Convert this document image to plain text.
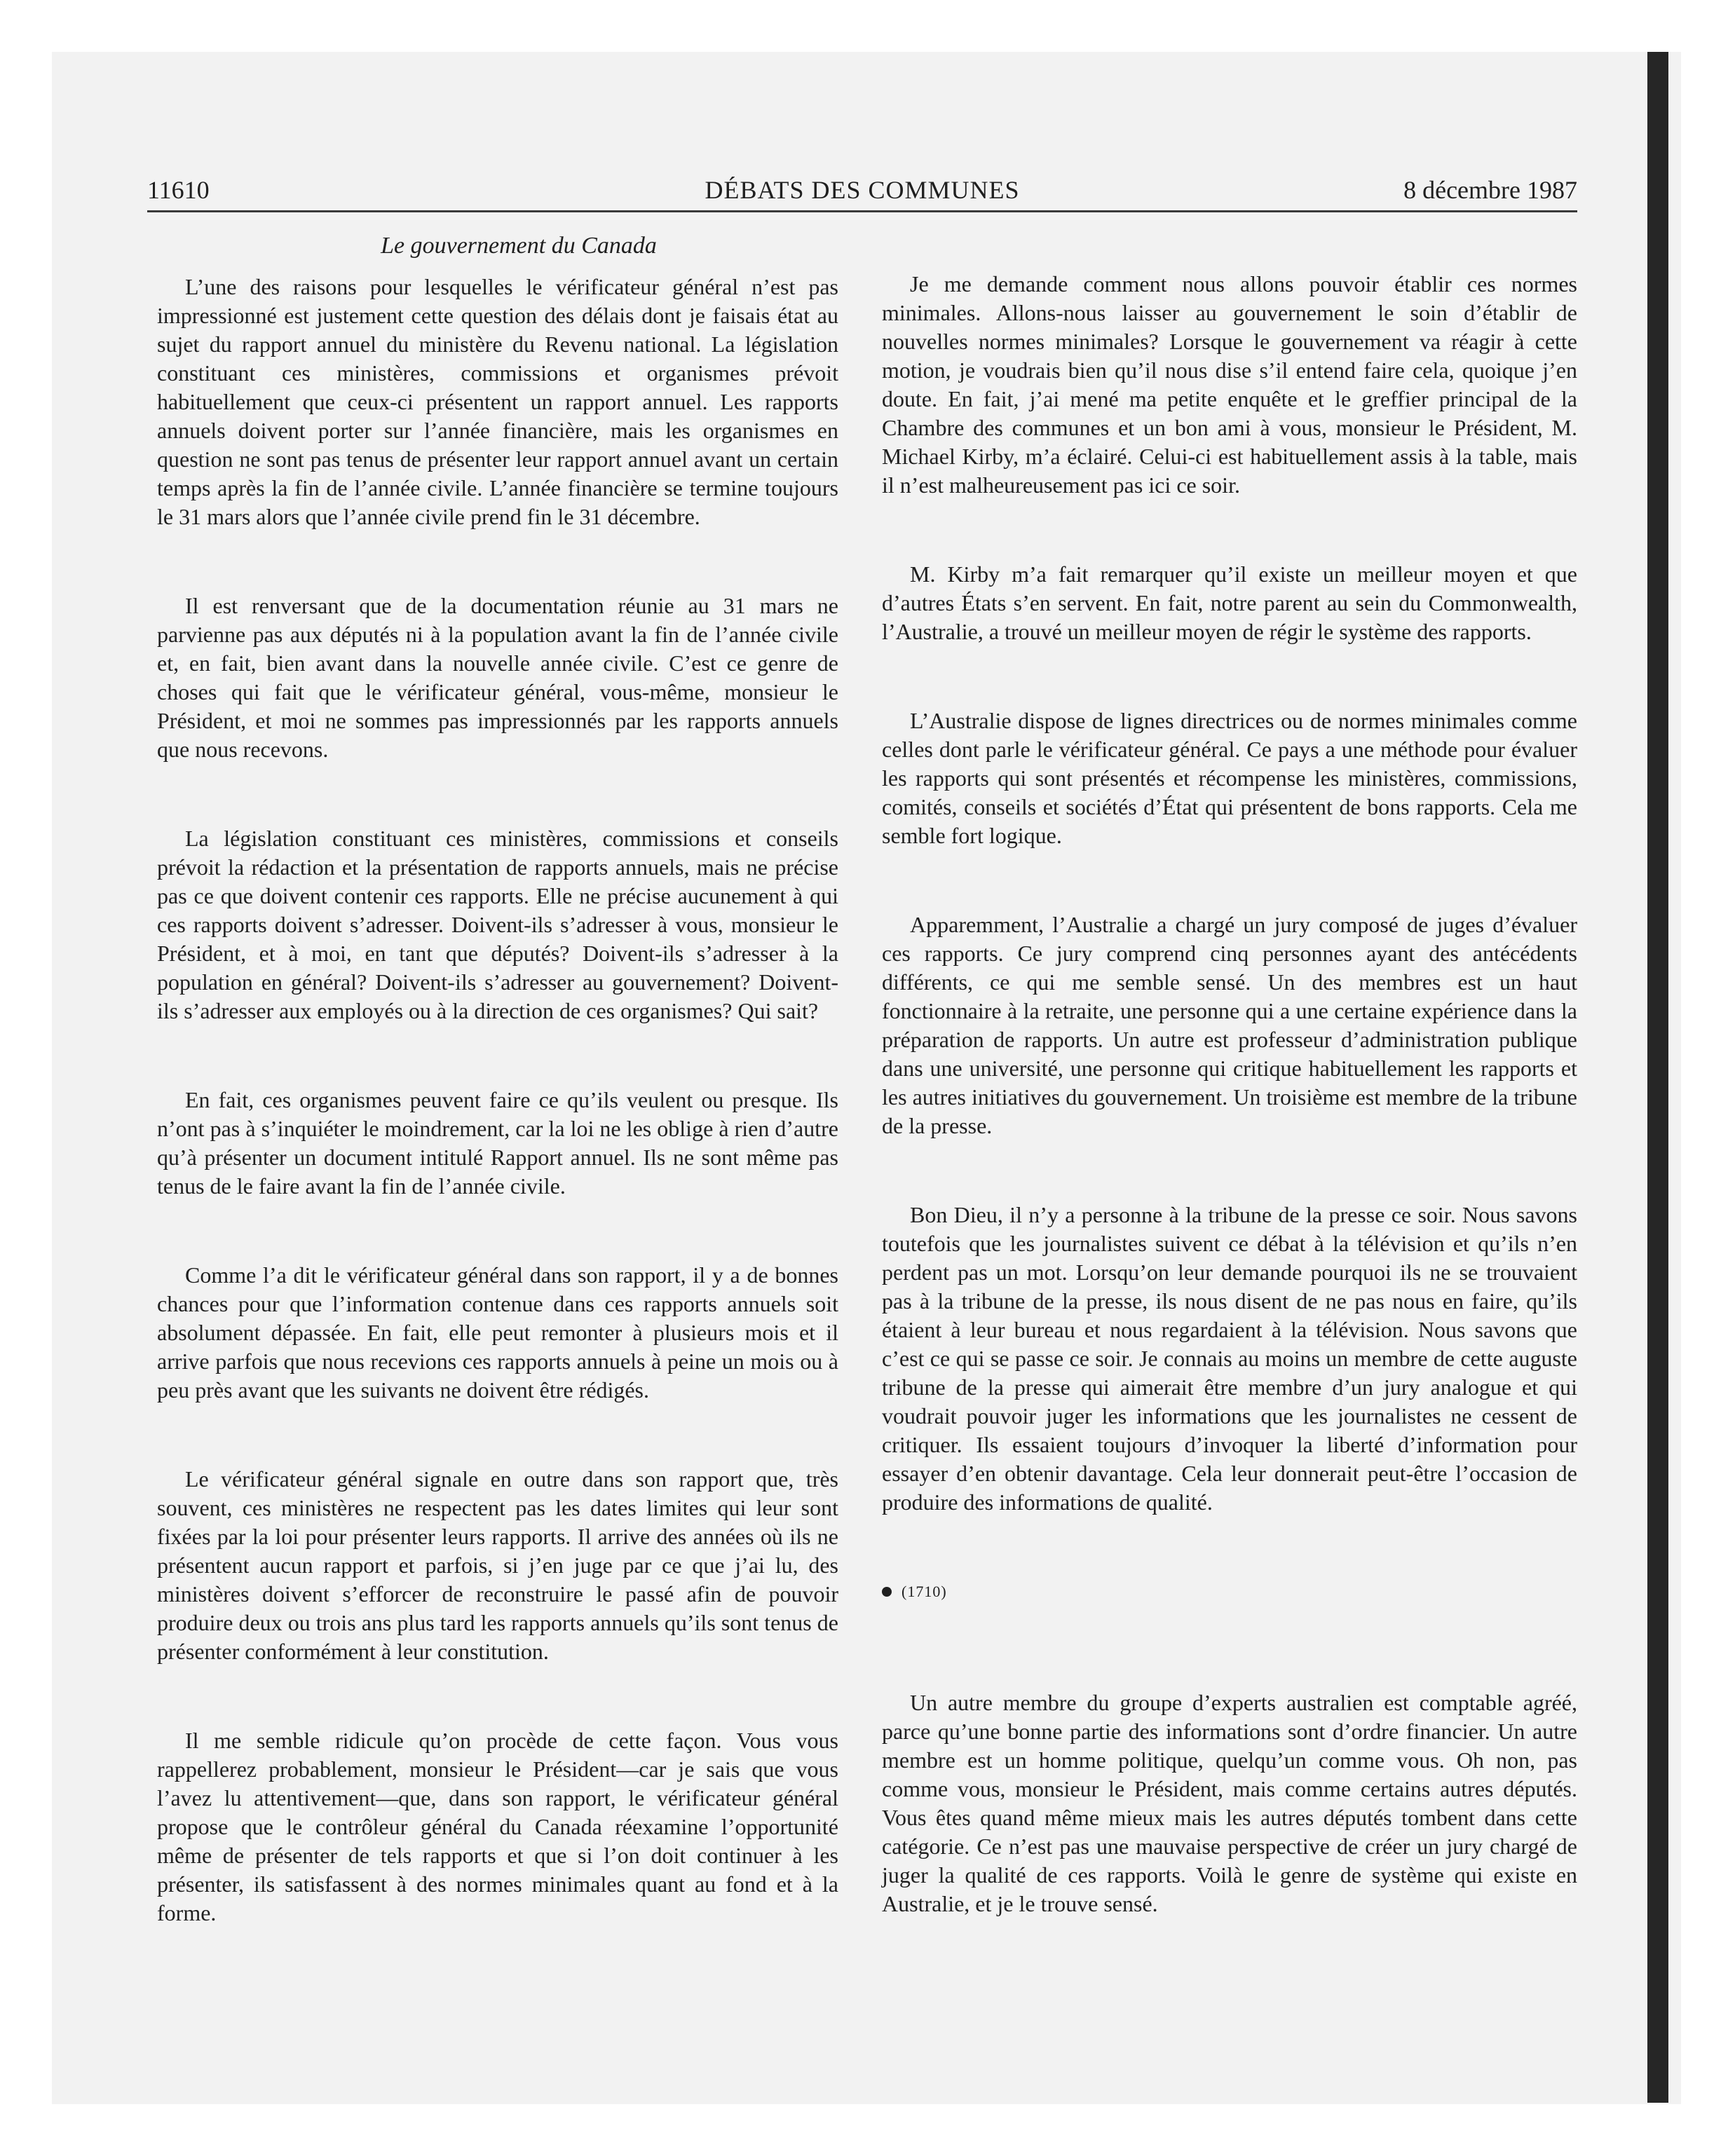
DÉBATS DES COMMUNES
11610	8 décembre 1987
Le gouvernement du Canada

L’une des raisons pour lesquelles le vérificateur général n’est pas impressionné est justement cette question des délais dont je faisais état au sujet du rapport annuel du ministère du Revenu national. La législation constituant ces ministères, commissions et organismes prévoit habituellement que ceux-ci présentent un rapport annuel. Les rapports annuels doivent porter sur l’année financière, mais les organismes en question ne sont pas tenus de présenter leur rapport annuel avant un certain temps après la fin de l’année civile. L’année financière se termine toujours le 31 mars alors que l’année civile prend fin le 31 décembre.

Il est renversant que de la documentation réunie au 31 mars ne parvienne pas aux députés ni à la population avant la fin de l’année civile et, en fait, bien avant dans la nouvelle année civile. C’est ce genre de choses qui fait que le vérificateur général, vous-même, monsieur le Président, et moi ne sommes pas impressionnés par les rapports annuels que nous recevons.

La législation constituant ces ministères, commissions et conseils prévoit la rédaction et la présentation de rapports annuels, mais ne précise pas ce que doivent contenir ces rapports. Elle ne précise aucunement à qui ces rapports doivent s’adresser. Doivent-ils s’adresser à vous, monsieur le Président, et à moi, en tant que députés? Doivent-ils s’adresser à la population en général? Doivent-ils s’adresser au gouvernement? Doivent-ils s’adresser aux employés ou à la direction de ces organismes? Qui sait?

En fait, ces organismes peuvent faire ce qu’ils veulent ou presque. Ils n’ont pas à s’inquiéter le moindrement, car la loi ne les oblige à rien d’autre qu’à présenter un document intitulé Rapport annuel. Ils ne sont même pas tenus de le faire avant la fin de l’année civile.

Comme l’a dit le vérificateur général dans son rapport, il y a de bonnes chances pour que l’information contenue dans ces rapports annuels soit absolument dépassée. En fait, elle peut remonter à plusieurs mois et il arrive parfois que nous recevions ces rapports annuels à peine un mois ou à peu près avant que les suivants ne doivent être rédigés.

Le vérificateur général signale en outre dans son rapport que, très souvent, ces ministères ne respectent pas les dates limites qui leur sont fixées par la loi pour présenter leurs rapports. Il arrive des années où ils ne présentent aucun rapport et parfois, si j’en juge par ce que j’ai lu, des ministères doivent s’efforcer de reconstruire le passé afin de pouvoir produire deux ou trois ans plus tard les rapports annuels qu’ils sont tenus de présenter conformément à leur constitution.

Il me semble ridicule qu’on procède de cette façon. Vous vous rappellerez probablement, monsieur le Président—car je sais que vous l’avez lu attentivement—que, dans son rapport, le vérificateur général propose que le contrôleur général du Canada réexamine l’opportunité même de présenter de tels rapports et que si l’on doit continuer à les présenter, ils satisfassent à des normes minimales quant au fond et à la forme.

Je me demande comment nous allons pouvoir établir ces normes minimales. Allons-nous laisser au gouvernement le soin d’établir de nouvelles normes minimales? Lorsque le gouvernement va réagir à cette motion, je voudrais bien qu’il nous dise s’il entend faire cela, quoique j’en doute. En fait, j’ai mené ma petite enquête et le greffier principal de la Chambre des communes et un bon ami à vous, monsieur le Président, M. Michael Kirby, m’a éclairé. Celui-ci est habituellement assis à la table, mais il n’est malheureusement pas ici ce soir.

M. Kirby m’a fait remarquer qu’il existe un meilleur moyen et que d’autres États s’en servent. En fait, notre parent au sein du Commonwealth, l’Australie, a trouvé un meilleur moyen de régir le système des rapports.

L’Australie dispose de lignes directrices ou de normes minimales comme celles dont parle le vérificateur général. Ce pays a une méthode pour évaluer les rapports qui sont présentés et récompense les ministères, commissions, comités, conseils et sociétés d’État qui présentent de bons rapports. Cela me semble fort logique.

Apparemment, l’Australie a chargé un jury composé de juges d’évaluer ces rapports. Ce jury comprend cinq personnes ayant des antécédents différents, ce qui me semble sensé. Un des membres est un haut fonctionnaire à la retraite, une personne qui a une certaine expérience dans la préparation de rapports. Un autre est professeur d’administration publique dans une université, une personne qui critique habituellement les rapports et les autres initiatives du gouvernement. Un troisième est membre de la tribune de la presse.

Bon Dieu, il n’y a personne à la tribune de la presse ce soir. Nous savons toutefois que les journalistes suivent ce débat à la télévision et qu’ils n’en perdent pas un mot. Lorsqu’on leur demande pourquoi ils ne se trouvaient pas à la tribune de la presse, ils nous disent de ne pas nous en faire, qu’ils étaient à leur bureau et nous regardaient à la télévision. Nous savons que c’est ce qui se passe ce soir. Je connais au moins un membre de cette auguste tribune de la presse qui aimerait être membre d’un jury analogue et qui voudrait pouvoir juger les informations que les journalistes ne cessent de critiquer. Ils essaient toujours d’invoquer la liberté d’information pour essayer d’en obtenir davantage. Cela leur donnerait peut-être l’occasion de produire des informations de qualité.

(1710)

Un autre membre du groupe d’experts australien est comptable agréé, parce qu’une bonne partie des informations sont d’ordre financier. Un autre membre est un homme politique, quelqu’un comme vous. Oh non, pas comme vous, monsieur le Président, mais comme certains autres députés. Vous êtes quand même mieux mais les autres députés tombent dans cette catégorie. Ce n’est pas une mauvaise perspective de créer un jury chargé de juger la qualité de ces rapports. Voilà le genre de système qui existe en Australie, et je le trouve sensé.
